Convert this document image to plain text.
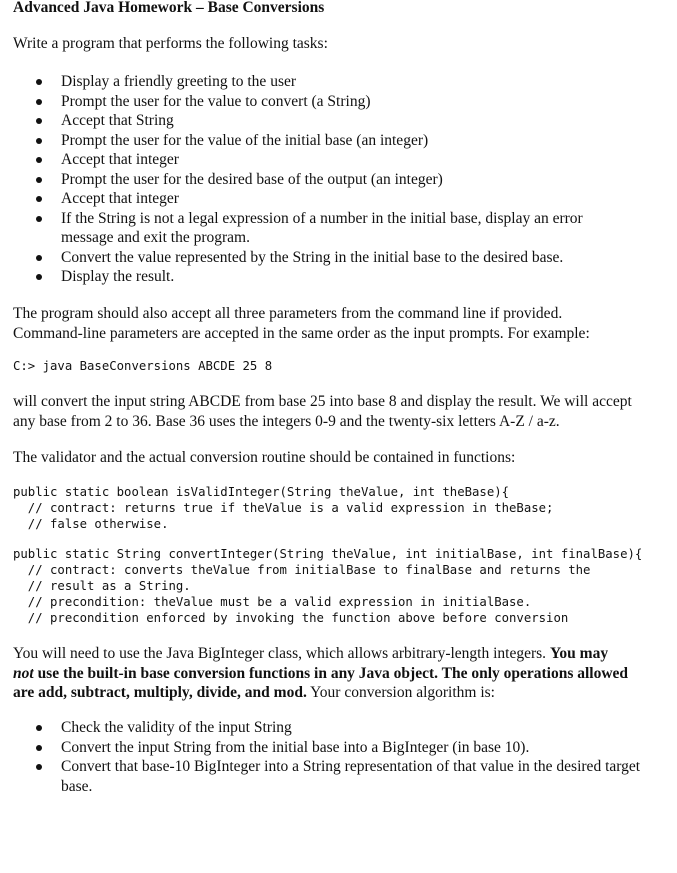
Advanced Java Homework – Base Conversions

Write a program that performs the following tasks:

Display a friendly greeting to the user
Prompt the user for the value to convert (a String)
Accept that String
Prompt the user for the value of the initial base (an integer)
Accept that integer
Prompt the user for the desired base of the output (an integer)
Accept that integer
If the String is not a legal expression of a number in the initial base, display an error message and exit the program.
Convert the value represented by the String in the initial base to the desired base.
Display the result.

The program should also accept all three parameters from the command line if provided. Command-line parameters are accepted in the same order as the input prompts. For example:

C:> java BaseConversions ABCDE 25 8

will convert the input string ABCDE from base 25 into base 8 and display the result. We will accept any base from 2 to 36. Base 36 uses the integers 0-9 and the twenty-six letters A-Z / a-z.

The validator and the actual conversion routine should be contained in functions:

public static boolean isValidInteger(String theValue, int theBase){
// contract: returns true if theValue is a valid expression in theBase;
// false otherwise.
public static String convertInteger(String theValue, int initialBase, int finalBase){
// contract: converts theValue from initialBase to finalBase and returns the
// result as a String.
// precondition: theValue must be a valid expression in initialBase.
// precondition enforced by invoking the function above before conversion

You will need to use the Java BigInteger class, which allows arbitrary-length integers. You may
not use the built-in base conversion functions in any Java object. The only operations allowed are add, subtract, multiply, divide, and mod. Your conversion algorithm is:

Check the validity of the input String
Convert the input String from the initial base into a BigInteger (in base 10).
Convert that base-10 BigInteger into a String representation of that value in the desired target base.
